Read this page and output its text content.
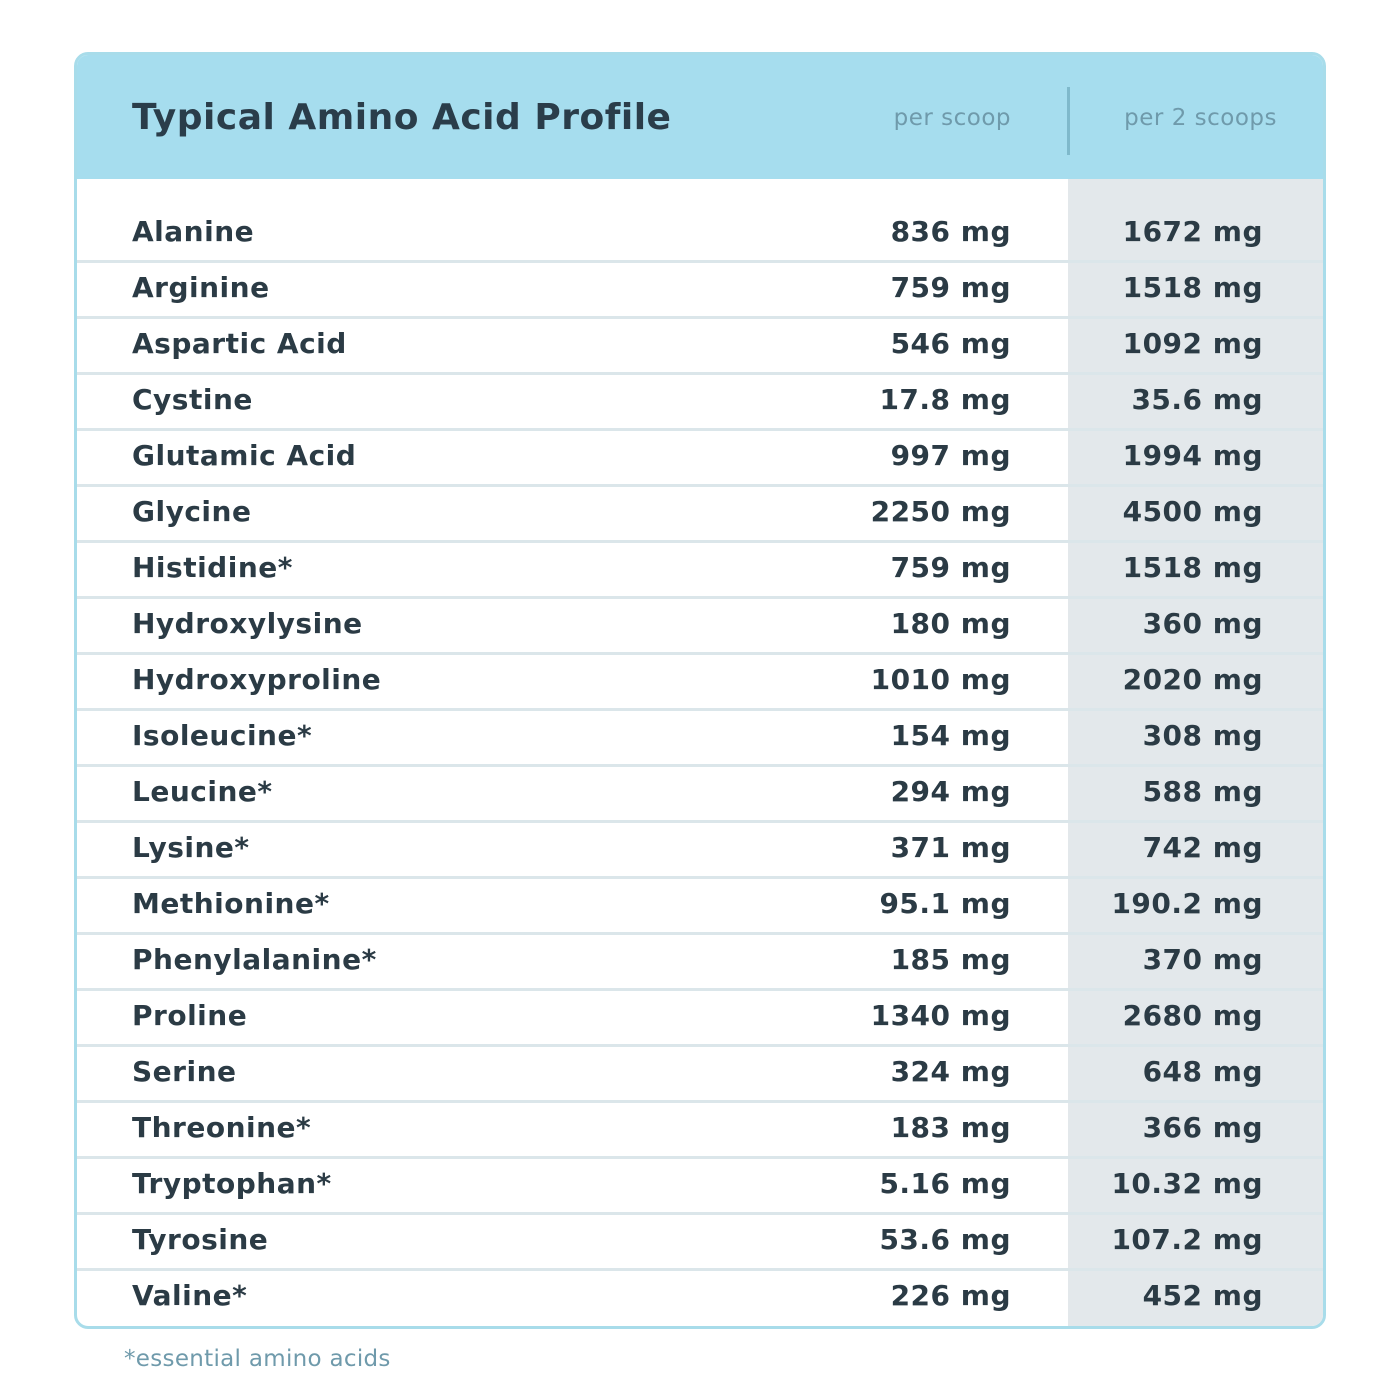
Typical Amino Acid Profile	per scoop	per 2 scoops
Alanine	836 mg	1672 mg
Arginine	759 mg	1518 mg
Aspartic Acid	546 mg	1092 mg
Cystine	17.8 mg	35.6 mg
Glutamic Acid	997 mg	1994 mg
Glycine	2250 mg	4500 mg
Histidine*	759 mg	1518 mg
Hydroxylysine	180 mg	360 mg
Hydroxyproline	1010 mg	2020 mg
Isoleucine*	154 mg	308 mg
Leucine*	294 mg	588 mg
Lysine*	371 mg	742 mg
Methionine*	95.1 mg	190.2 mg
Phenylalanine*	185 mg	370 mg
Proline	1340 mg	2680 mg
Serine	324 mg	648 mg
Threonine*	183 mg	366 mg
Tryptophan*	5.16 mg	10.32 mg
Tyrosine	53.6 mg	107.2 mg
Valine*	226 mg	452 mg
*essential amino acids
